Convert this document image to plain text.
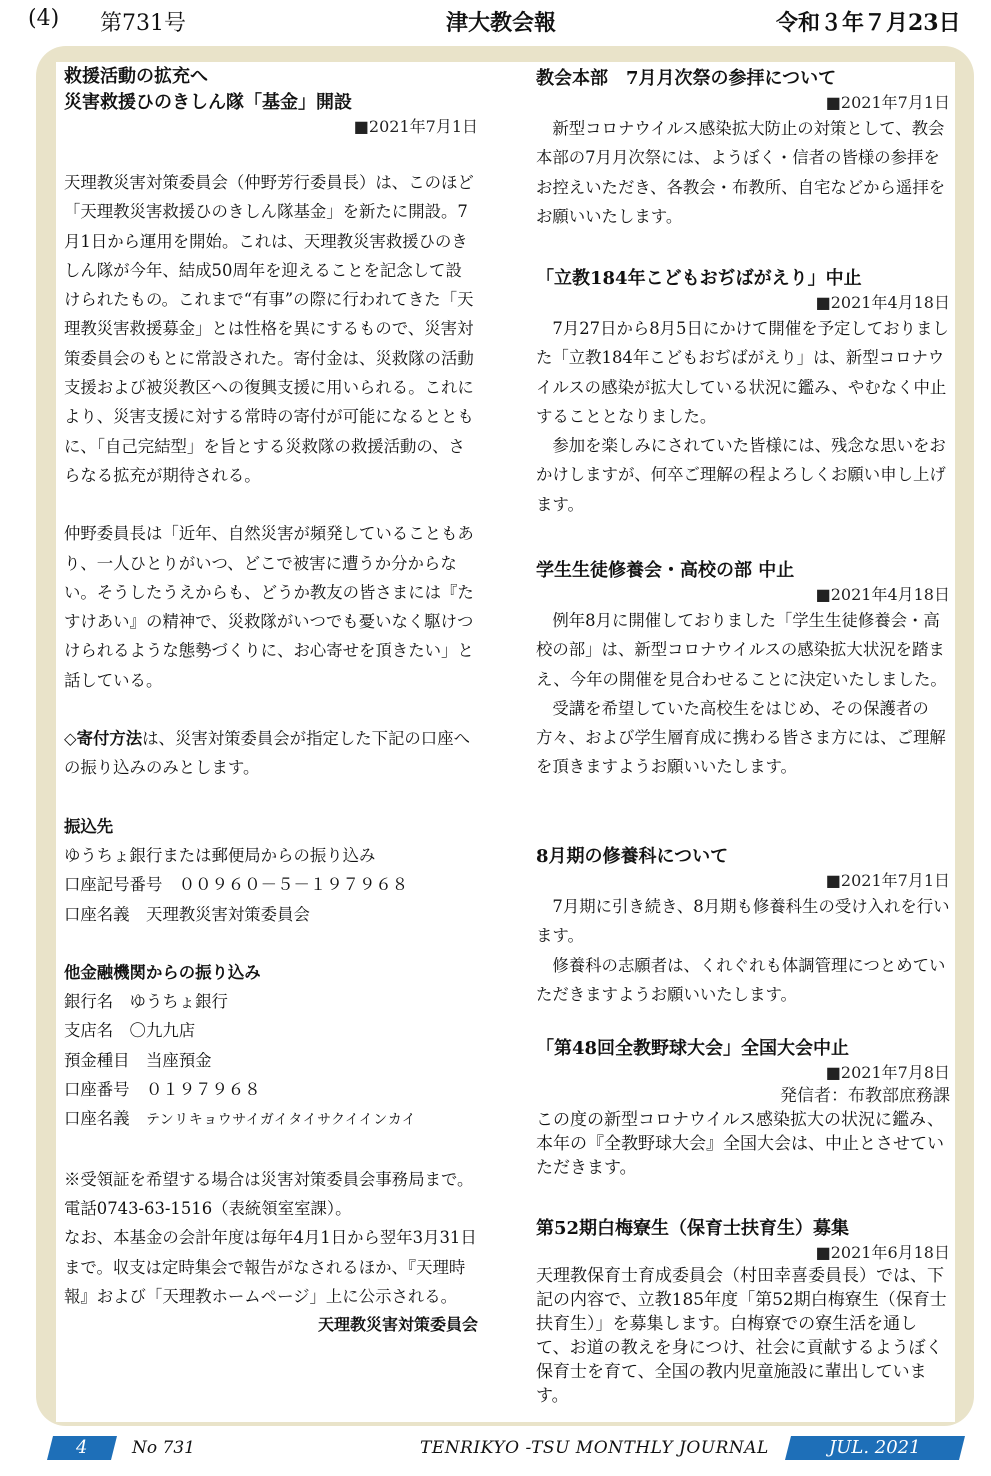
(4) 第731号	津大教会報	令和３年７月23日
救援活動の拡充へ
災害救援ひのきしん隊「基金」開設
■2021年7月1日

天理教災害対策委員会（仲野芳行委員長）は、このほど「天理教災害救援ひのきしん隊基金」を新たに開設。7月1日から運用を開始。これは、天理教災害救援ひのきしん隊が今年、結成50周年を迎えることを記念して設けられたもの。これまで“有事”の際に行われてきた「天理教災害救援募金」とは性格を異にするもので、災害対策委員会のもとに常設された。寄付金は、災救隊の活動支援および被災教区への復興支援に用いられる。これにより、災害支援に対する常時の寄付が可能になるとともに、「自己完結型」を旨とする災救隊の救援活動の、さらなる拡充が期待される。

仲野委員長は「近年、自然災害が頻発していることもあり、一人ひとりがいつ、どこで被害に遭うか分からない。そうしたうえからも、どうか教友の皆さまには『たすけあい』の精神で、災救隊がいつでも憂いなく駆けつけられるような態勢づくりに、お心寄せを頂きたい」と話している。

◇寄付方法は、災害対策委員会が指定した下記の口座への振り込みのみとします。

振込先

ゆうちょ銀行または郵便局からの振り込み

口座記号番号　００９６０－５－１９７９６８

口座名義　天理教災害対策委員会

他金融機関からの振り込み

銀行名　ゆうちょ銀行

支店名　〇九九店

預金種目　当座預金

口座番号　０１９７９６８

口座名義　テンリキョウサイガイタイサクイインカイ

※受領証を希望する場合は災害対策委員会事務局まで。電話0743-63-1516（表統領室室課）。

なお、本基金の会計年度は毎年4月1日から翌年3月31日まで。収支は定時集会で報告がなされるほか、『天理時報』および「天理教ホームページ」上に公示される。

天理教災害対策委員会
教会本部　7月月次祭の参拝について
■2021年7月1日

新型コロナウイルス感染拡大防止の対策として、教会本部の7月月次祭には、ようぼく・信者の皆様の参拝をお控えいただき、各教会・布教所、自宅などから遥拝をお願いいたします。

「立教184年こどもおぢばがえり」中止
■2021年4月18日

7月27日から8月5日にかけて開催を予定しておりました「立教184年こどもおぢばがえり」は、新型コロナウイルスの感染が拡大している状況に鑑み、やむなく中止することとなりました。

参加を楽しみにされていた皆様には、残念な思いをおかけしますが、何卒ご理解の程よろしくお願い申し上げます。

学生生徒修養会・高校の部 中止
■2021年4月18日

例年8月に開催しておりました「学生生徒修養会・高校の部」は、新型コロナウイルスの感染拡大状況を踏まえ、今年の開催を見合わせることに決定いたしました。

受講を希望していた高校生をはじめ、その保護者の方々、および学生層育成に携わる皆さま方には、ご理解を頂きますようお願いいたします。

8月期の修養科について
■2021年7月1日

7月期に引き続き、8月期も修養科生の受け入れを行います。

修養科の志願者は、くれぐれも体調管理につとめていただきますようお願いいたします。

「第48回全教野球大会」全国大会中止
■2021年7月8日
発信者：布教部庶務課

この度の新型コロナウイルス感染拡大の状況に鑑み、本年の『全教野球大会』全国大会は、中止とさせていただきます。

第52期白梅寮生（保育士扶育生）募集
■2021年6月18日

天理教保育士育成委員会（村田幸喜委員長）では、下記の内容で、立教185年度「第52期白梅寮生（保育士扶育生）」を募集します。白梅寮での寮生活を通して、お道の教えを身につけ、社会に貢献するようぼく保育士を育て、全国の教内児童施設に輩出しています。

4	No 731	TENRIKYO -TSU MONTHLY JOURNAL	JUL. 2021
